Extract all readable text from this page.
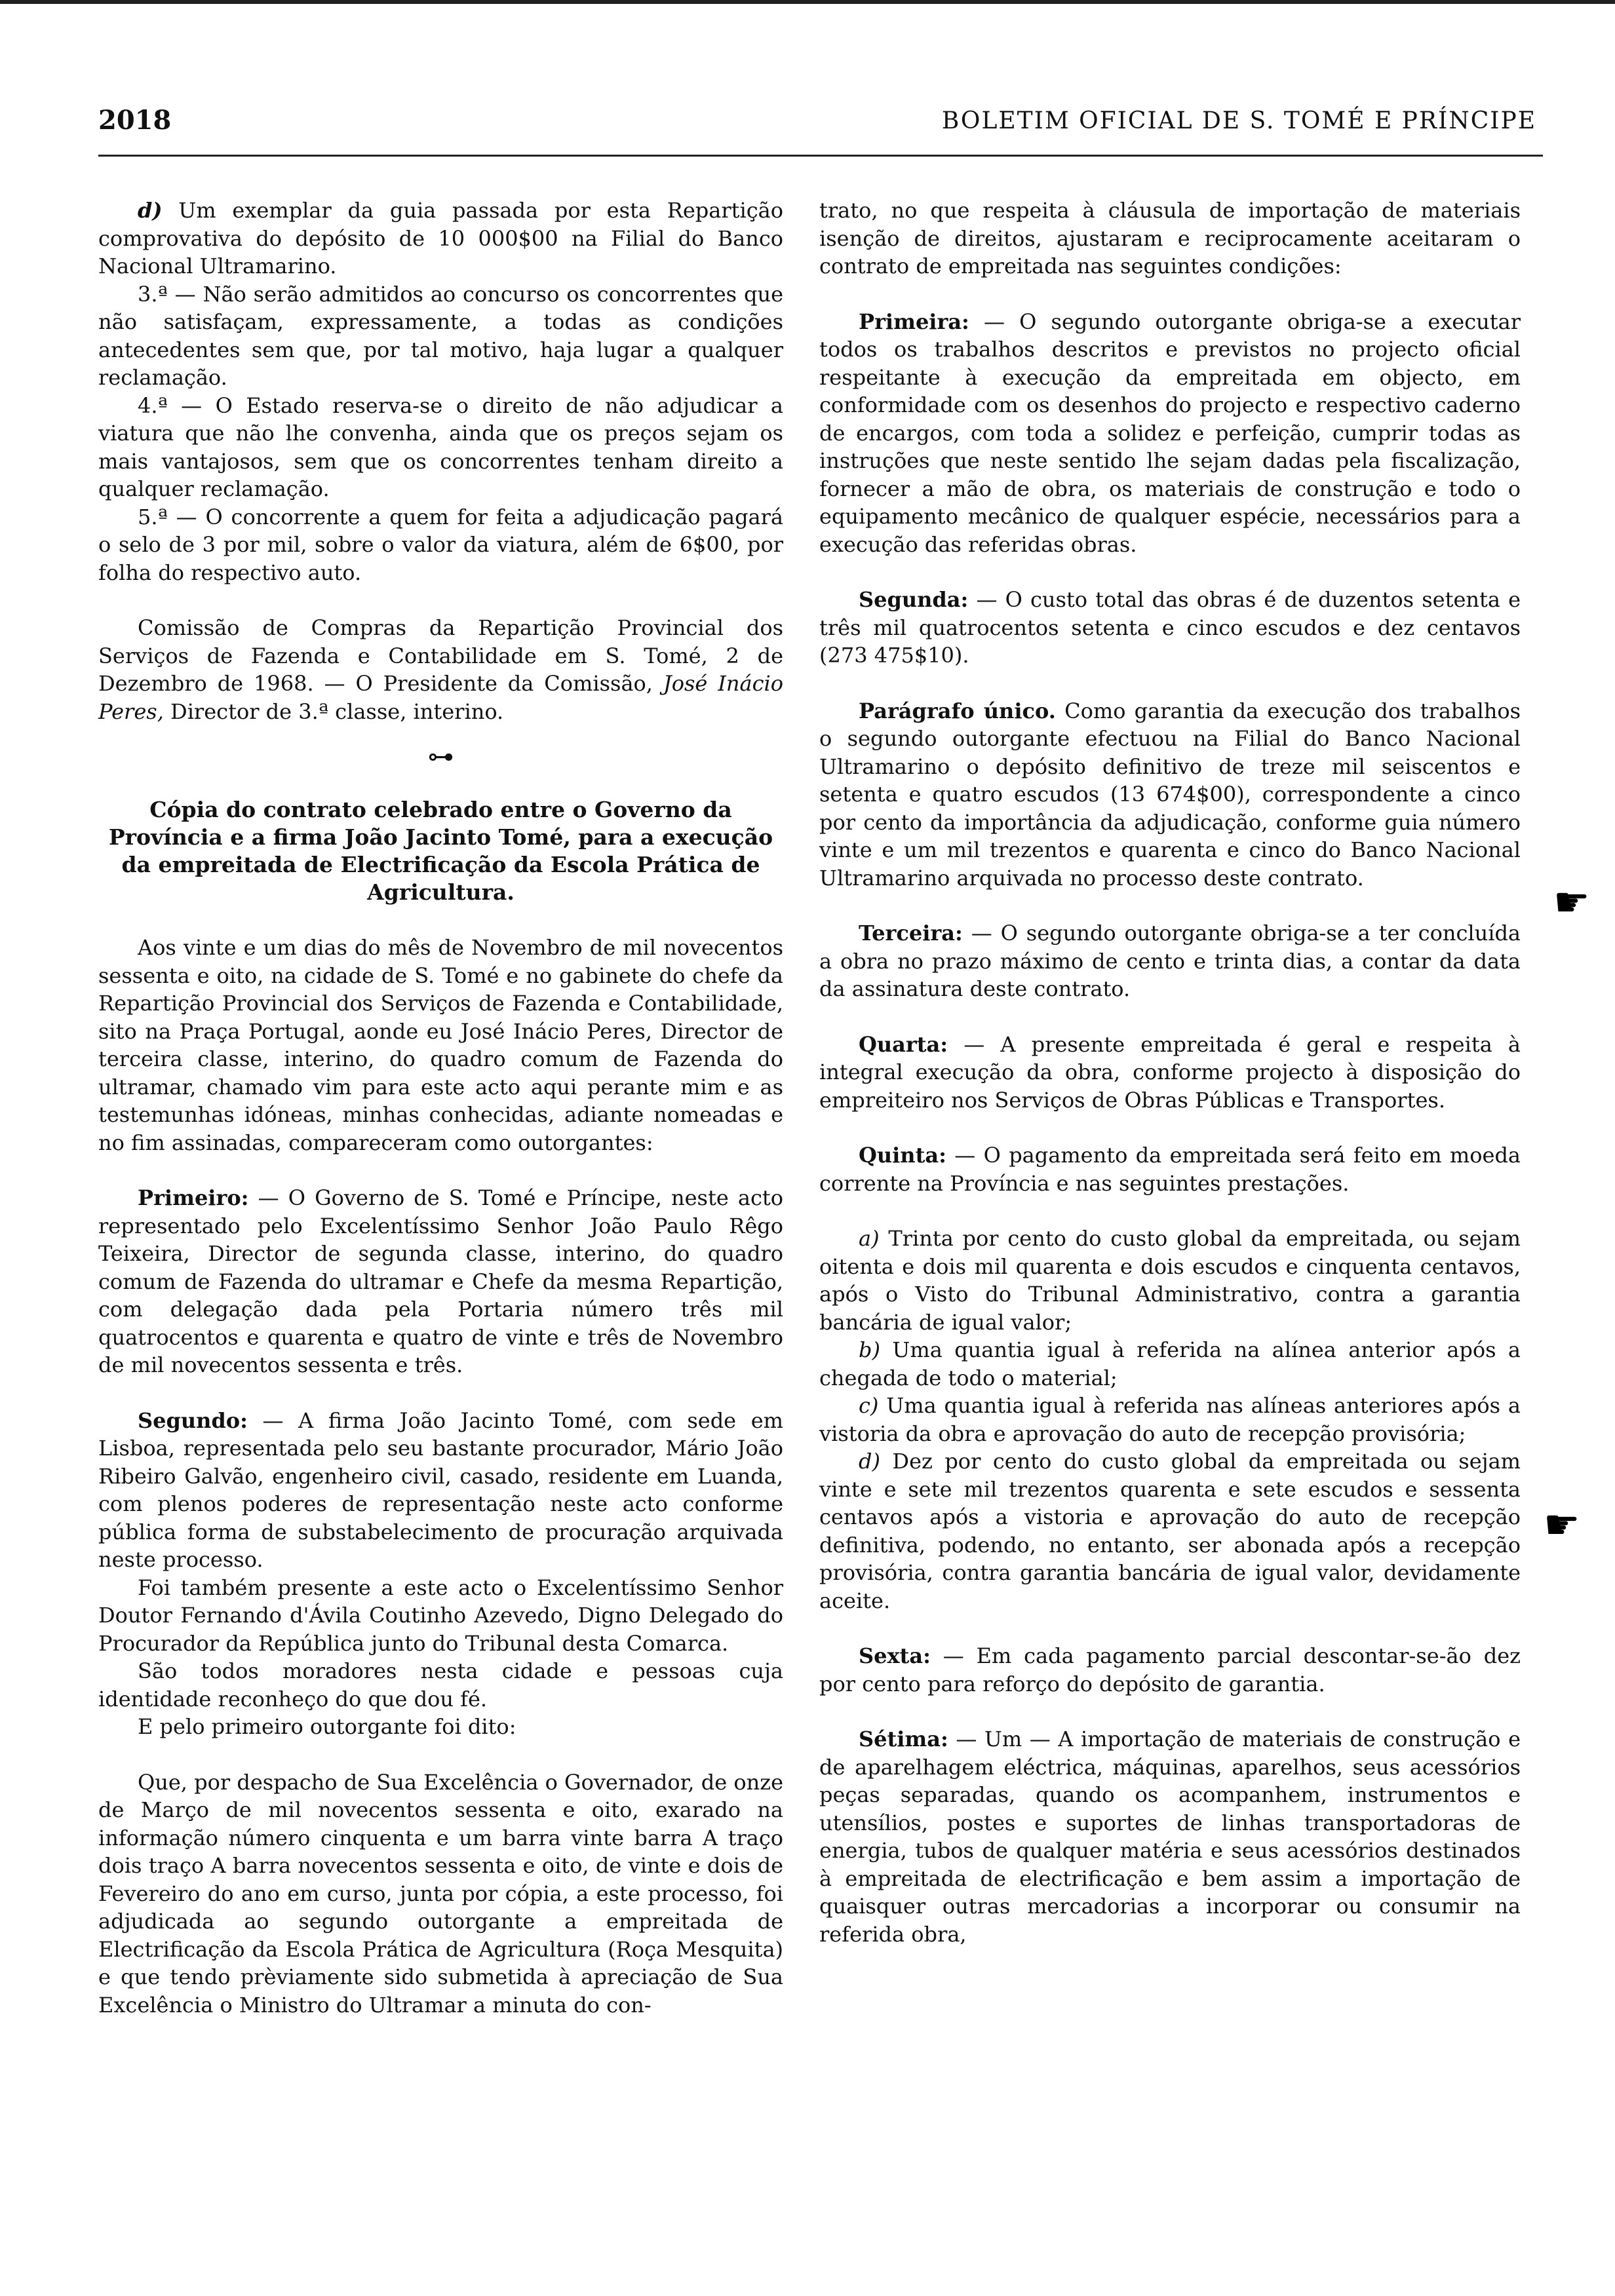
2018	BOLETIM OFICIAL DE S. TOMÉ E PRÍNCIPE

d) Um exemplar da guia passada por esta Repartição comprovativa do depósito de 10 000$00 na Filial do Banco Nacional Ultramarino.

3.ª — Não serão admitidos ao concurso os concorrentes que não satisfaçam, expressamente, a todas as condições antecedentes sem que, por tal motivo, haja lugar a qualquer reclamação.

4.ª — O Estado reserva-se o direito de não adjudicar a viatura que não lhe convenha, ainda que os preços sejam os mais vantajosos, sem que os concorrentes tenham direito a qualquer reclamação.

5.ª — O concorrente a quem for feita a adjudicação pagará o selo de 3 por mil, sobre o valor da viatura, além de 6$00, por folha do respectivo auto.

Comissão de Compras da Repartição Provincial dos Serviços de Fazenda e Contabilidade em S. Tomé, 2 de Dezembro de 1968. — O Presidente da Comissão, José Inácio Peres, Director de 3.ª classe, interino.

⊶

Cópia do contrato celebrado entre o Governo da Província e a firma João Jacinto Tomé, para a execução da empreitada de Electrificação da Escola Prática de Agricultura.

Aos vinte e um dias do mês de Novembro de mil novecentos sessenta e oito, na cidade de S. Tomé e no gabinete do chefe da Repartição Provincial dos Serviços de Fazenda e Contabilidade, sito na Praça Portugal, aonde eu José Inácio Peres, Director de terceira classe, interino, do quadro comum de Fazenda do ultramar, chamado vim para este acto aqui perante mim e as testemunhas idóneas, minhas conhecidas, adiante nomeadas e no fim assinadas, compareceram como outorgantes:

Primeiro: — O Governo de S. Tomé e Príncipe, neste acto representado pelo Excelentíssimo Senhor João Paulo Rêgo Teixeira, Director de segunda classe, interino, do quadro comum de Fazenda do ultramar e Chefe da mesma Repartição, com delegação dada pela Portaria número três mil quatrocentos e quarenta e quatro de vinte e três de Novembro de mil novecentos sessenta e três.

Segundo: — A firma João Jacinto Tomé, com sede em Lisboa, representada pelo seu bastante procurador, Mário João Ribeiro Galvão, engenheiro civil, casado, residente em Luanda, com plenos poderes de representação neste acto conforme pública forma de substabelecimento de procuração arquivada neste processo.

Foi também presente a este acto o Excelentíssimo Senhor Doutor Fernando d'Ávila Coutinho Azevedo, Digno Delegado do Procurador da República junto do Tribunal desta Comarca.

São todos moradores nesta cidade e pessoas cuja identidade reconheço do que dou fé.

E pelo primeiro outorgante foi dito:

Que, por despacho de Sua Excelência o Governador, de onze de Março de mil novecentos sessenta e oito, exarado na informação número cinquenta e um barra vinte barra A traço dois traço A barra novecentos sessenta e oito, de vinte e dois de Fevereiro do ano em curso, junta por cópia, a este processo, foi adjudicada ao segundo outorgante a empreitada de Electrificação da Escola Prática de Agricultura (Roça Mesquita) e que tendo prèviamente sido submetida à apreciação de Sua Excelência o Ministro do Ultramar a minuta do con-

trato, no que respeita à cláusula de importação de materiais isenção de direitos, ajustaram e reciprocamente aceitaram o contrato de empreitada nas seguintes condições:

Primeira: — O segundo outorgante obriga-se a executar todos os trabalhos descritos e previstos no projecto oficial respeitante à execução da empreitada em objecto, em conformidade com os desenhos do projecto e respectivo caderno de encargos, com toda a solidez e perfeição, cumprir todas as instruções que neste sentido lhe sejam dadas pela fiscalização, fornecer a mão de obra, os materiais de construção e todo o equipamento mecânico de qualquer espécie, necessários para a execução das referidas obras.

Segunda: — O custo total das obras é de duzentos setenta e três mil quatrocentos setenta e cinco escudos e dez centavos (273 475$10).

Parágrafo único. Como garantia da execução dos trabalhos o segundo outorgante efectuou na Filial do Banco Nacional Ultramarino o depósito definitivo de treze mil seiscentos e setenta e quatro escudos (13 674$00), correspondente a cinco por cento da importância da adjudicação, conforme guia número vinte e um mil trezentos e quarenta e cinco do Banco Nacional Ultramarino arquivada no processo deste contrato.

Terceira: — O segundo outorgante obriga-se a ter concluída a obra no prazo máximo de cento e trinta dias, a contar da data da assinatura deste contrato.

Quarta: — A presente empreitada é geral e respeita à integral execução da obra, conforme projecto à disposição do empreiteiro nos Serviços de Obras Públicas e Transportes.

Quinta: — O pagamento da empreitada será feito em moeda corrente na Província e nas seguintes prestações.

a) Trinta por cento do custo global da empreitada, ou sejam oitenta e dois mil quarenta e dois escudos e cinquenta centavos, após o Visto do Tribunal Administrativo, contra a garantia bancária de igual valor;

b) Uma quantia igual à referida na alínea anterior após a chegada de todo o material;

c) Uma quantia igual à referida nas alíneas anteriores após a vistoria da obra e aprovação do auto de recepção provisória;

d) Dez por cento do custo global da empreitada ou sejam vinte e sete mil trezentos quarenta e sete escudos e sessenta centavos após a vistoria e aprovação do auto de recepção definitiva, podendo, no entanto, ser abonada após a recepção provisória, contra garantia bancária de igual valor, devidamente aceite.

Sexta: — Em cada pagamento parcial descontar-se-ão dez por cento para reforço do depósito de garantia.

Sétima: — Um — A importação de materiais de construção e de aparelhagem eléctrica, máquinas, aparelhos, seus acessórios peças separadas, quando os acompanhem, instrumentos e utensílios, postes e suportes de linhas transportadoras de energia, tubos de qualquer matéria e seus acessórios destinados à empreitada de electrificação e bem assim a importação de quaisquer outras mercadorias a incorporar ou consumir na referida obra,

☛
☛
